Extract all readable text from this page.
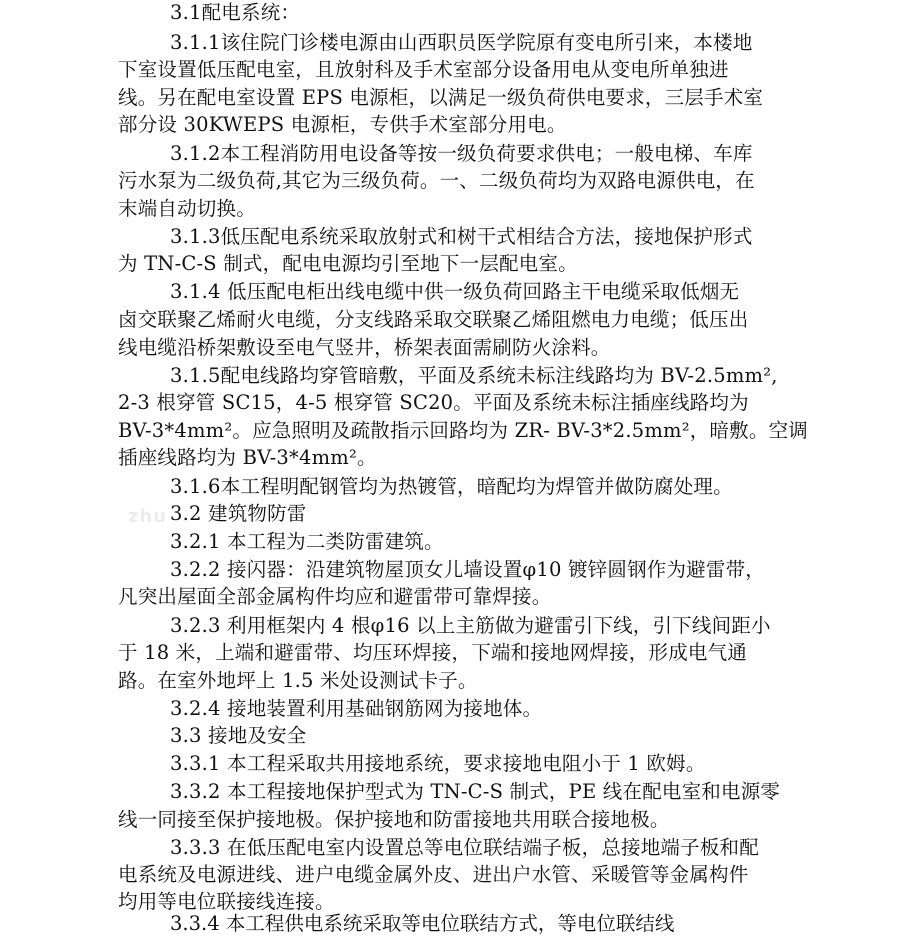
zhu
3.1配电系统：
3.1.1该住院门诊楼电源由山西职员医学院原有变电所引来，本楼地
下室设置低压配电室，且放射科及手术室部分设备用电从变电所单独进
线。另在配电室设置 EPS 电源柜，以满足一级负荷供电要求，三层手术室
部分设 30KWEPS 电源柜，专供手术室部分用电。
3.1.2本工程消防用电设备等按一级负荷要求供电；一般电梯、车库
污水泵为二级负荷,其它为三级负荷。一、二级负荷均为双路电源供电，在
末端自动切换。
3.1.3低压配电系统采取放射式和树干式相结合方法，接地保护形式
为 TN-C-S 制式，配电电源均引至地下一层配电室。
3.1.4 低压配电柜出线电缆中供一级负荷回路主干电缆采取低烟无
卤交联聚乙烯耐火电缆，分支线路采取交联聚乙烯阻燃电力电缆；低压出
线电缆沿桥架敷设至电气竖井，桥架表面需刷防火涂料。
3.1.5配电线路均穿管暗敷，平面及系统未标注线路均为 BV-2.5mm²,
2-3 根穿管 SC15，4-5 根穿管 SC20。平面及系统未标注插座线路均为
BV-3*4mm²。应急照明及疏散指示回路均为 ZR- BV-3*2.5mm²，暗敷。空调
插座线路均为 BV-3*4mm²。
3.1.6本工程明配钢管均为热镀管，暗配均为焊管并做防腐处理。
3.2 建筑物防雷
3.2.1 本工程为二类防雷建筑。
3.2.2 接闪器：沿建筑物屋顶女儿墙设置φ10 镀锌圆钢作为避雷带，
凡突出屋面全部金属构件均应和避雷带可靠焊接。
3.2.3 利用框架内 4 根φ16 以上主筋做为避雷引下线，引下线间距小
于 18 米，上端和避雷带、均压环焊接，下端和接地网焊接，形成电气通
路。在室外地坪上 1.5 米处设测试卡子。
3.2.4 接地装置利用基础钢筋网为接地体。
3.3 接地及安全
3.3.1 本工程采取共用接地系统，要求接地电阻小于 1 欧姆。
3.3.2 本工程接地保护型式为 TN-C-S 制式，PE 线在配电室和电源零
线一同接至保护接地极。保护接地和防雷接地共用联合接地极。
3.3.3 在低压配电室内设置总等电位联结端子板，总接地端子板和配
电系统及电源进线、进户电缆金属外皮、进出户水管、采暖管等金属构件
均用等电位联接线连接。
3.3.4 本工程供电系统采取等电位联结方式，等电位联结线
